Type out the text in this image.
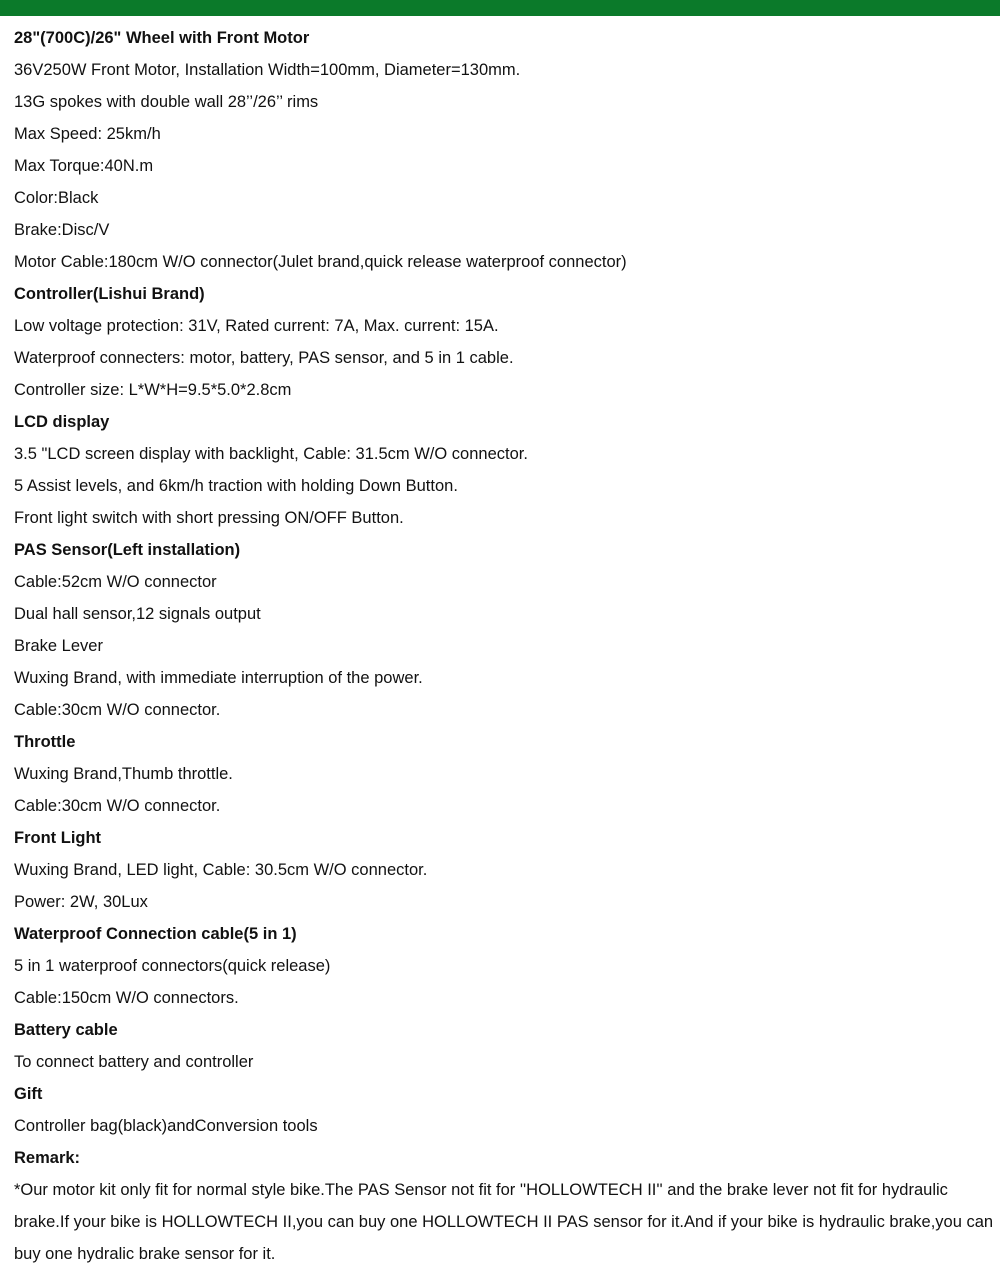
28"(700C)/26" Wheel with Front Motor
36V250W Front Motor, Installation Width=100mm, Diameter=130mm.
13G spokes with double wall 28’’/26’’ rims
Max Speed: 25km/h
Max Torque:40N.m
Color:Black
Brake:Disc/V
Motor Cable:180cm W/O connector(Julet brand,quick release waterproof connector)
Controller(Lishui Brand)
Low voltage protection: 31V, Rated current: 7A, Max. current: 15A.
Waterproof connecters: motor, battery, PAS sensor, and 5 in 1 cable.
Controller size: L*W*H=9.5*5.0*2.8cm
LCD display
3.5 "LCD screen display with backlight, Cable: 31.5cm W/O connector.
5 Assist levels, and 6km/h traction with holding Down Button.
Front light switch with short pressing ON/OFF Button.
PAS Sensor(Left installation)
Cable:52cm W/O connector
Dual hall sensor,12 signals output
Brake Lever
Wuxing Brand, with immediate interruption of the power.
Cable:30cm W/O connector.
Throttle
Wuxing Brand,Thumb throttle.
Cable:30cm W/O connector.
Front Light
Wuxing Brand, LED light, Cable: 30.5cm W/O connector.
Power: 2W, 30Lux
Waterproof Connection cable(5 in 1)
5 in 1 waterproof connectors(quick release)
Cable:150cm W/O connectors.
Battery cable
To connect battery and controller
Gift
Controller bag(black)andConversion tools
Remark:
*Our motor kit only fit for normal style bike.The PAS Sensor not fit for ''HOLLOWTECH II'' and the brake lever not fit for hydraulic brake.If your bike is HOLLOWTECH II,you can buy one HOLLOWTECH II PAS sensor for it.And if your bike is hydraulic brake,you can buy one hydralic brake sensor for it.
